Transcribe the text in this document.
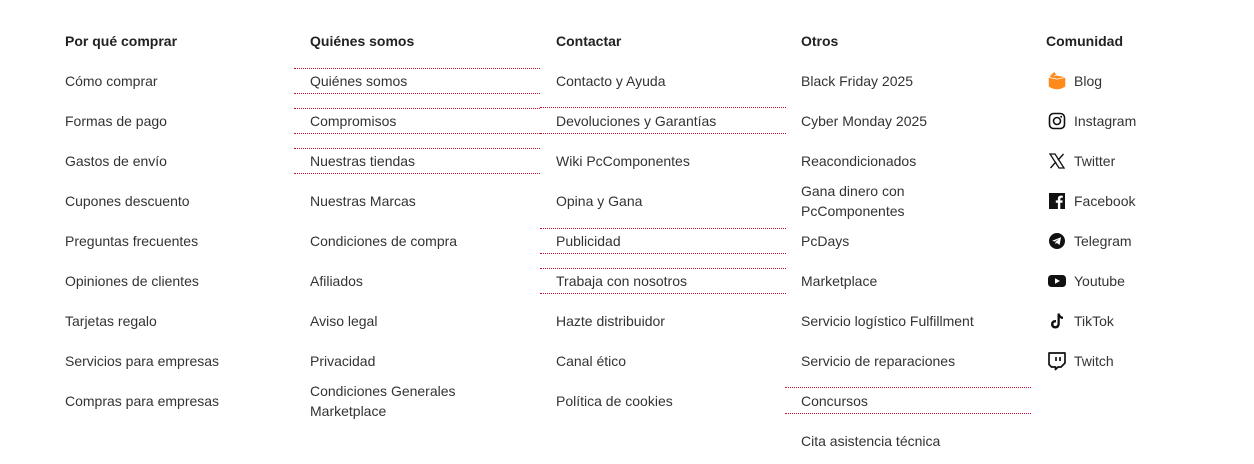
Por qué comprar
Cómo comprar
Formas de pago
Gastos de envío
Cupones descuento
Preguntas frecuentes
Opiniones de clientes
Tarjetas regalo
Servicios para empresas
Compras para empresas
Quiénes somos
Quiénes somos
Compromisos
Nuestras tiendas
Nuestras Marcas
Condiciones de compra
Afiliados
Aviso legal
Privacidad
Condiciones Generales Marketplace
Contactar
Contacto y Ayuda
Devoluciones y Garantías
Wiki PcComponentes
Opina y Gana
Publicidad
Trabaja con nosotros
Hazte distribuidor
Canal ético
Política de cookies
Otros
Black Friday 2025
Cyber Monday 2025
Reacondicionados
Gana dinero con PcComponentes
PcDays
Marketplace
Servicio logístico Fulfillment
Servicio de reparaciones
Concursos
Cita asistencia técnica
Comunidad
Blog
Instagram
Twitter
Facebook
Telegram
Youtube
TikTok
Twitch
